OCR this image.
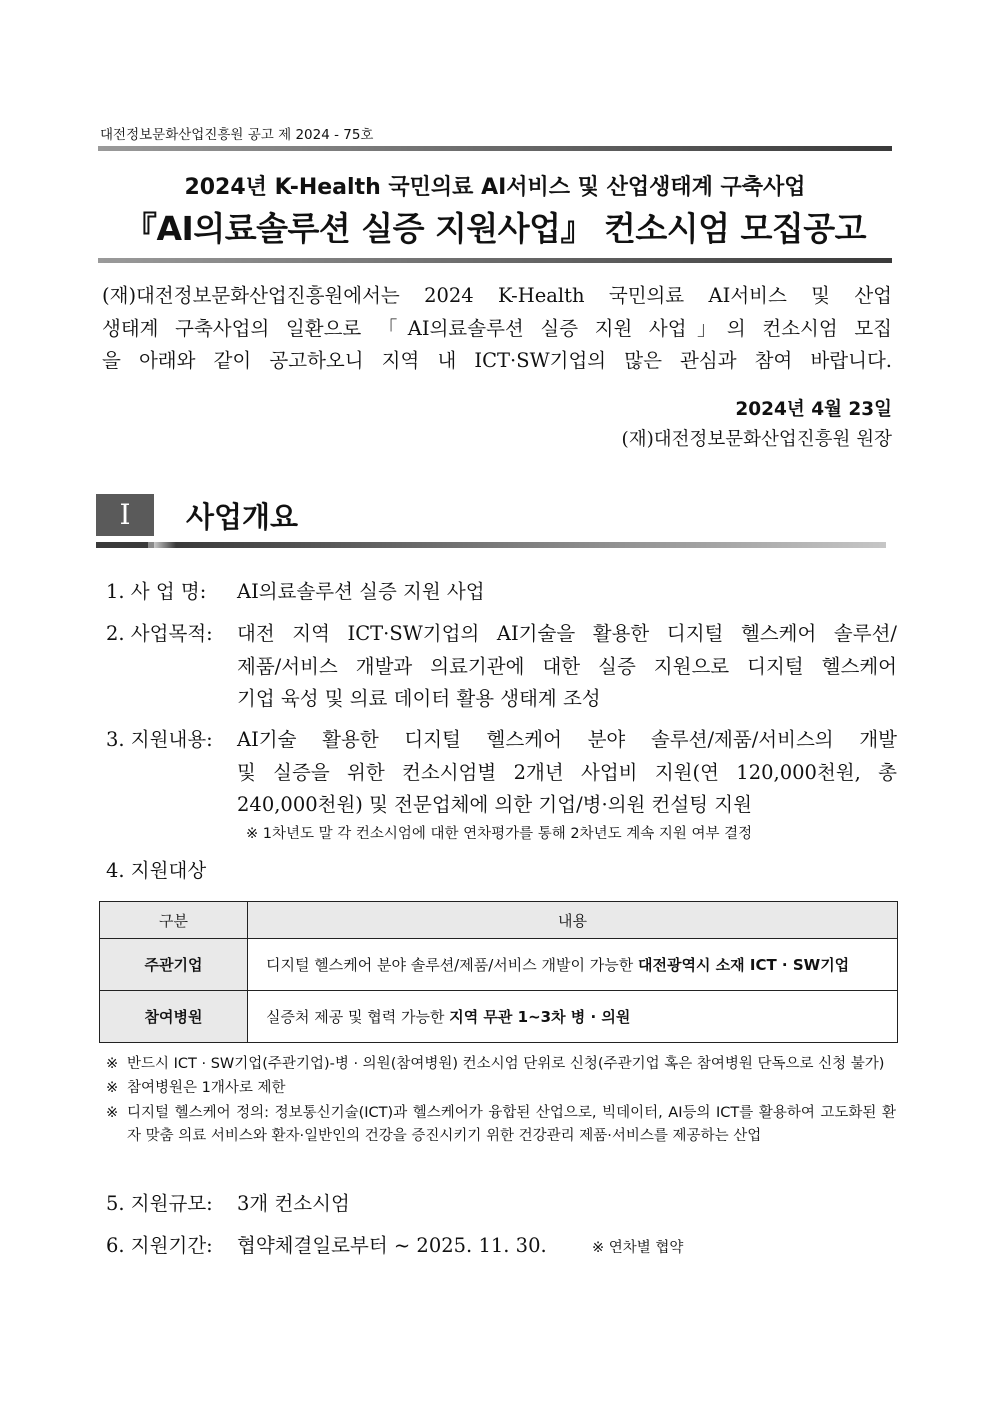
대전정보문화산업진흥원 공고 제 2024 - 75호
2024년 K-Health 국민의료 AI서비스 및 산업생태계 구축사업
『AI의료솔루션 실증 지원사업』 컨소시엄 모집공고
(재)대전정보문화산업진흥원에서는 2024 K-Health 국민의료 AI서비스 및 산업
생태계 구축사업의 일환으로 「AI의료솔루션 실증 지원 사업」의 컨소시엄 모집
을 아래와 같이 공고하오니 지역 내 ICT·SW기업의 많은 관심과 참여 바랍니다.
2024년 4월 23일
(재)대전정보문화산업진흥원 원장
I	사업개요
1. 사 업 명: AI의료솔루션 실증 지원 사업
2. 사업목적: 대전 지역 ICT·SW기업의 AI기술을 활용한 디지털 헬스케어 솔루션/
제품/서비스 개발과 의료기관에 대한 실증 지원으로 디지털 헬스케어
기업 육성 및 의료 데이터 활용 생태계 조성
3. 지원내용: AI기술 활용한 디지털 헬스케어 분야 솔루션/제품/서비스의 개발
및 실증을 위한 컨소시엄별 2개년 사업비 지원(연 120,000천원, 총
240,000천원) 및 전문업체에 의한 기업/병·의원 컨설팅 지원
※ 1차년도 말 각 컨소시엄에 대한 연차평가를 통해 2차년도 계속 지원 여부 결정
4. 지원대상
구분	내용
주관기업	디지털 헬스케어 분야 솔루션/제품/서비스 개발이 가능한 대전광역시 소재 ICT · SW기업
참여병원	실증처 제공 및 협력 가능한 지역 무관 1~3차 병 · 의원
※ 반드시 ICT · SW기업(주관기업)-병 · 의원(참여병원) 컨소시엄 단위로 신청(주관기업 혹은 참여병원 단독으로 신청 불가)
※ 참여병원은 1개사로 제한
※ 디지털 헬스케어 정의: 정보통신기술(ICT)과 헬스케어가 융합된 산업으로, 빅데이터, AI등의 ICT를 활용하여 고도화된 환자 맞춤 의료 서비스와 환자·일반인의 건강을 증진시키기 위한 건강관리 제품·서비스를 제공하는 산업
5. 지원규모: 3개 컨소시엄
6. 지원기간: 협약체결일로부터 ~ 2025. 11. 30.	※ 연차별 협약
